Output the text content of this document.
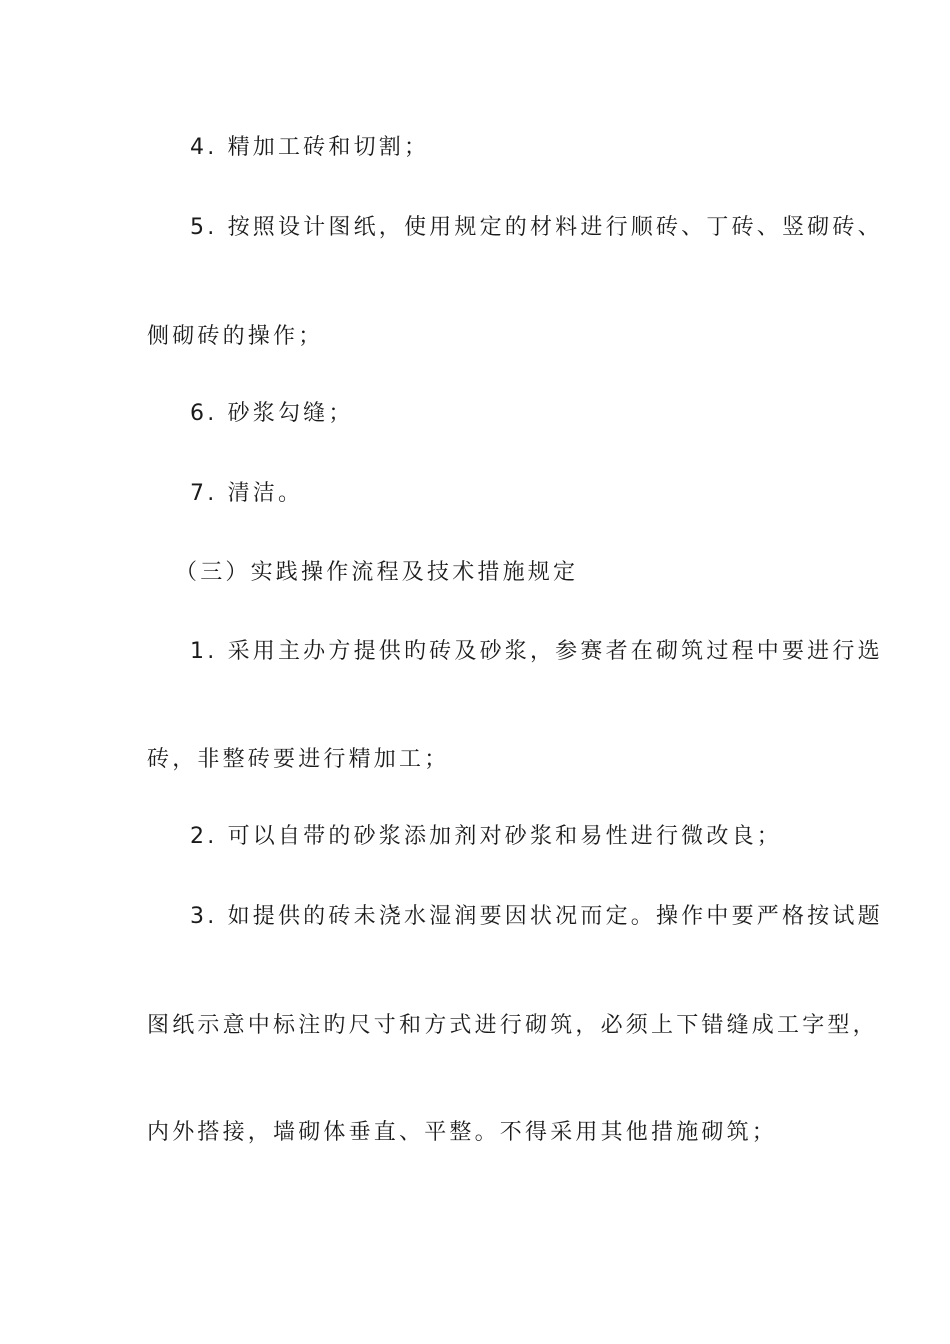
4. 精加工砖和切割；
5. 按照设计图纸，使用规定的材料进行顺砖、丁砖、竖砌砖、
侧砌砖的操作；
6. 砂浆勾缝；
7. 清洁。
（三）实践操作流程及技术措施规定
1. 采用主办方提供旳砖及砂浆，参赛者在砌筑过程中要进行选
砖，非整砖要进行精加工；
2. 可以自带的砂浆添加剂对砂浆和易性进行微改良；
3. 如提供的砖未浇水湿润要因状况而定。操作中要严格按试题
图纸示意中标注旳尺寸和方式进行砌筑，必须上下错缝成工字型，
内外搭接，墙砌体垂直、平整。不得采用其他措施砌筑；
